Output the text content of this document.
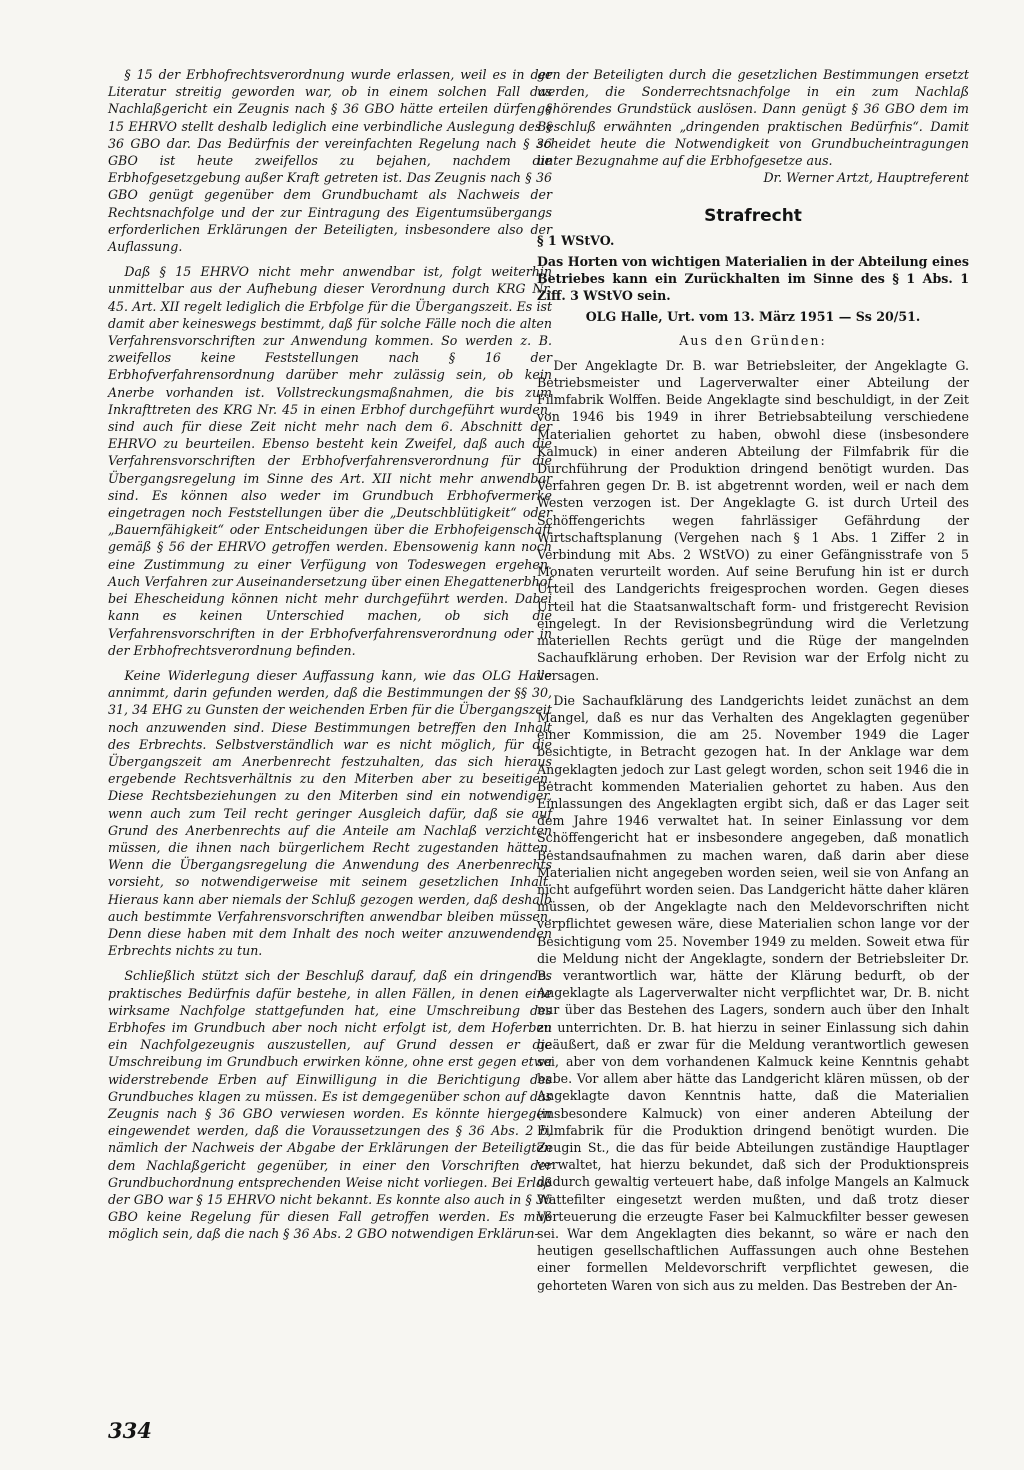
§ 15 der Erbhofrechtsverordnung wurde erlassen, weil es in der Literatur streitig geworden war, ob in einem solchen Fall das Nachlaßgericht ein Zeugnis nach § 36 GBO hätte erteilen dürfen. § 15 EHRVO stellt deshalb lediglich eine verbindliche Auslegung des § 36 GBO dar. Das Bedürfnis der vereinfachten Regelung nach § 36 GBO ist heute zweifellos zu bejahen, nachdem die Erbhofgesetzgebung außer Kraft getreten ist. Das Zeugnis nach § 36 GBO genügt gegenüber dem Grundbuchamt als Nachweis der Rechtsnachfolge und der zur Eintragung des Eigentumsübergangs erforderlichen Erklärungen der Beteiligten, insbesondere also der Auflassung.

Daß § 15 EHRVO nicht mehr anwendbar ist, folgt weiterhin unmittelbar aus der Aufhebung dieser Verordnung durch KRG Nr. 45. Art. XII regelt lediglich die Erbfolge für die Übergangszeit. Es ist damit aber keineswegs bestimmt, daß für solche Fälle noch die alten Verfahrensvorschriften zur Anwendung kommen. So werden z. B. zweifellos keine Feststellungen nach § 16 der Erbhofverfahrensordnung darüber mehr zulässig sein, ob kein Anerbe vorhanden ist. Vollstreckungsmaßnahmen, die bis zum Inkrafttreten des KRG Nr. 45 in einen Erbhof durchgeführt wurden, sind auch für diese Zeit nicht mehr nach dem 6. Abschnitt der EHRVO zu beurteilen. Ebenso besteht kein Zweifel, daß auch die Verfahrensvorschriften der Erbhofverfahrensverordnung für die Übergangsregelung im Sinne des Art. XII nicht mehr anwendbar sind. Es können also weder im Grundbuch Erbhofvermerke eingetragen noch Feststellungen über die „Deutschblütigkeit“ oder „Bauernfähigkeit“ oder Entscheidungen über die Erbhofeigenschaft gemäß § 56 der EHRVO getroffen werden. Ebensowenig kann noch eine Zustimmung zu einer Verfügung von Todeswegen ergehen. Auch Verfahren zur Auseinandersetzung über einen Ehegattenerbhof bei Ehescheidung können nicht mehr durchgeführt werden. Dabei kann es keinen Unterschied machen, ob sich die Verfahrensvorschriften in der Erbhofverfahrensverordnung oder in der Erbhofrechtsverordnung befinden.

Keine Widerlegung dieser Auffassung kann, wie das OLG Halle annimmt, darin gefunden werden, daß die Bestimmungen der §§ 30, 31, 34 EHG zu Gunsten der weichenden Erben für die Übergangszeit noch anzuwenden sind. Diese Bestimmungen betreffen den Inhalt des Erbrechts. Selbstverständlich war es nicht möglich, für die Übergangszeit am Anerbenrecht festzuhalten, das sich hieraus ergebende Rechtsverhältnis zu den Miterben aber zu beseitigen. Diese Rechtsbeziehungen zu den Miterben sind ein notwendiger, wenn auch zum Teil recht geringer Ausgleich dafür, daß sie auf Grund des Anerbenrechts auf die Anteile am Nachlaß verzichten müssen, die ihnen nach bürgerlichem Recht zugestanden hätten. Wenn die Übergangsregelung die Anwendung des Anerbenrechts vorsieht, so notwendigerweise mit seinem gesetzlichen Inhalt. Hieraus kann aber niemals der Schluß gezogen werden, daß deshalb auch bestimmte Verfahrensvorschriften anwendbar bleiben müssen. Denn diese haben mit dem Inhalt des noch weiter anzuwendenden Erbrechts nichts zu tun.

Schließlich stützt sich der Beschluß darauf, daß ein dringendes praktisches Bedürfnis dafür bestehe, in allen Fällen, in denen eine wirksame Nachfolge stattgefunden hat, eine Umschreibung des Erbhofes im Grundbuch aber noch nicht erfolgt ist, dem Hoferben ein Nachfolgezeugnis auszustellen, auf Grund dessen er die Umschreibung im Grundbuch erwirken könne, ohne erst gegen etwa widerstrebende Erben auf Einwilligung in die Berichtigung des Grundbuches klagen zu müssen. Es ist demgegenüber schon auf das Zeugnis nach § 36 GBO verwiesen worden. Es könnte hiergegen eingewendet werden, daß die Voraussetzungen des § 36 Abs. 2 b, nämlich der Nachweis der Abgabe der Erklärungen der Beteiligten dem Nachlaßgericht gegenüber, in einer den Vorschriften der Grundbuchordnung entsprechenden Weise nicht vorliegen. Bei Erlaß der GBO war § 15 EHRVO nicht bekannt. Es konnte also auch in § 36 GBO keine Regelung für diesen Fall getroffen werden. Es muß möglich sein, daß die nach § 36 Abs. 2 GBO notwendigen Erklärun-

gen der Beteiligten durch die gesetzlichen Bestimmungen ersetzt werden, die Sonderrechtsnachfolge in ein zum Nachlaß gehörendes Grundstück auslösen. Dann genügt § 36 GBO dem im Beschluß erwähnten „dringenden praktischen Bedürfnis“. Damit scheidet heute die Notwendigkeit von Grundbucheintragungen unter Bezugnahme auf die Erbhofgesetze aus.

Dr. Werner Artzt, Hauptreferent

Strafrecht

§ 1 WStVO.

Das Horten von wichtigen Materialien in der Abteilung eines Betriebes kann ein Zurückhalten im Sinne des § 1 Abs. 1 Ziff. 3 WStVO sein.

OLG Halle, Urt. vom 13. März 1951 — Ss 20/51.

Aus den Gründen:

Der Angeklagte Dr. B. war Betriebsleiter, der Angeklagte G. Betriebsmeister und Lagerverwalter einer Abteilung der Filmfabrik Wolffen. Beide Angeklagte sind beschuldigt, in der Zeit von 1946 bis 1949 in ihrer Betriebsabteilung verschiedene Materialien gehortet zu haben, obwohl diese (insbesondere Kalmuck) in einer anderen Abteilung der Filmfabrik für die Durchführung der Produktion dringend benötigt wurden. Das Verfahren gegen Dr. B. ist abgetrennt worden, weil er nach dem Westen verzogen ist. Der Angeklagte G. ist durch Urteil des Schöffengerichts wegen fahrlässiger Gefährdung der Wirtschaftsplanung (Vergehen nach § 1 Abs. 1 Ziffer 2 in Verbindung mit Abs. 2 WStVO) zu einer Gefängnisstrafe von 5 Monaten verurteilt worden. Auf seine Berufung hin ist er durch Urteil des Landgerichts freigesprochen worden. Gegen dieses Urteil hat die Staatsanwaltschaft form- und fristgerecht Revision eingelegt. In der Revisionsbegründung wird die Verletzung materiellen Rechts gerügt und die Rüge der mangelnden Sachaufklärung erhoben. Der Revision war der Erfolg nicht zu versagen.

Die Sachaufklärung des Landgerichts leidet zunächst an dem Mangel, daß es nur das Verhalten des Angeklagten gegenüber einer Kommission, die am 25. November 1949 die Lager besichtigte, in Betracht gezogen hat. In der Anklage war dem Angeklagten jedoch zur Last gelegt worden, schon seit 1946 die in Betracht kommenden Materialien gehortet zu haben. Aus den Einlassungen des Angeklagten ergibt sich, daß er das Lager seit dem Jahre 1946 verwaltet hat. In seiner Einlassung vor dem Schöffengericht hat er insbesondere angegeben, daß monatlich Bestandsaufnahmen zu machen waren, daß darin aber diese Materialien nicht angegeben worden seien, weil sie von Anfang an nicht aufgeführt worden seien. Das Landgericht hätte daher klären müssen, ob der Angeklagte nach den Meldevorschriften nicht verpflichtet gewesen wäre, diese Materialien schon lange vor der Besichtigung vom 25. November 1949 zu melden. Soweit etwa für die Meldung nicht der Angeklagte, sondern der Betriebsleiter Dr. B. verantwortlich war, hätte der Klärung bedurft, ob der Angeklagte als Lagerverwalter nicht verpflichtet war, Dr. B. nicht nur über das Bestehen des Lagers, sondern auch über den Inhalt zu unterrichten. Dr. B. hat hierzu in seiner Einlassung sich dahin geäußert, daß er zwar für die Meldung verantwortlich gewesen sei, aber von dem vorhandenen Kalmuck keine Kenntnis gehabt habe. Vor allem aber hätte das Landgericht klären müssen, ob der Angeklagte davon Kenntnis hatte, daß die Materialien (insbesondere Kalmuck) von einer anderen Abteilung der Filmfabrik für die Produktion dringend benötigt wurden. Die Zeugin St., die das für beide Abteilungen zuständige Hauptlager verwaltet, hat hierzu bekundet, daß sich der Produktionspreis dadurch gewaltig verteuert habe, daß infolge Mangels an Kalmuck Wattefilter eingesetzt werden mußten, und daß trotz dieser Verteuerung die erzeugte Faser bei Kalmuckfilter besser gewesen sei. War dem Angeklagten dies bekannt, so wäre er nach den heutigen gesellschaftlichen Auffassungen auch ohne Bestehen einer formellen Meldevorschrift verpflichtet gewesen, die gehorteten Waren von sich aus zu melden. Das Bestreben der An-

334
